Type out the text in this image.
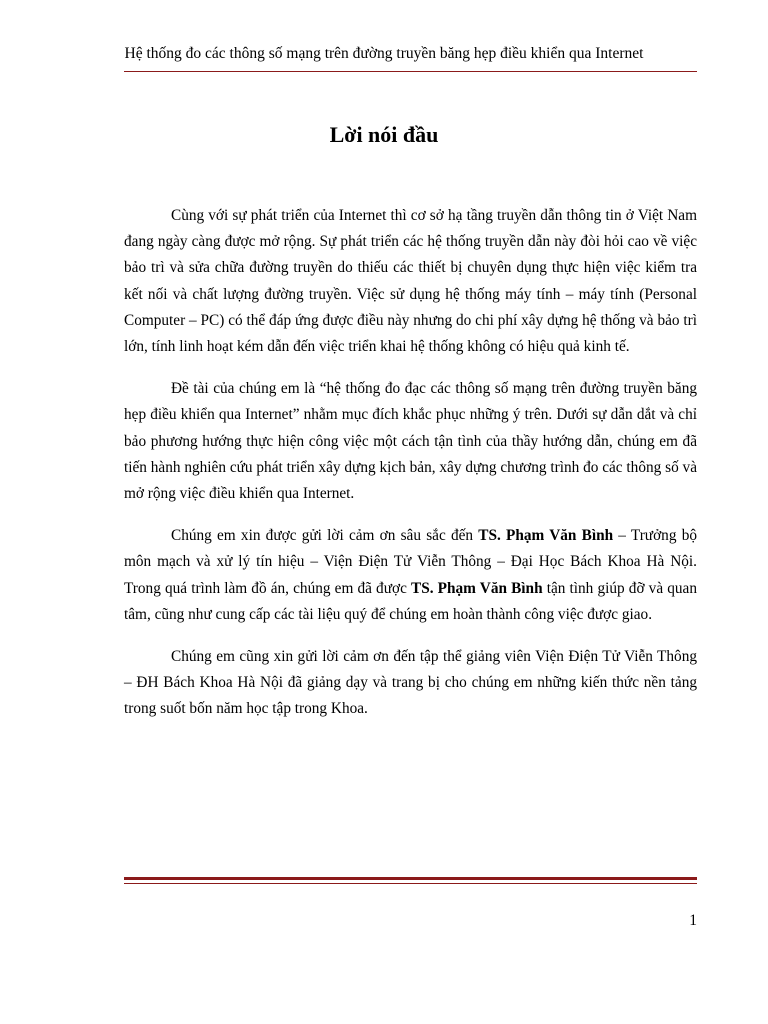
Hệ thống đo các thông số mạng trên đường truyền băng hẹp điều khiển qua Internet
Lời nói đầu

Cùng với sự phát triển của Internet thì cơ sở hạ tầng truyền dẫn thông tin ở Việt Nam đang ngày càng được mở rộng. Sự phát triển các hệ thống truyền dẫn này đòi hỏi cao về việc bảo trì và sửa chữa đường truyền do thiếu các thiết bị chuyên dụng thực hiện việc kiểm tra kết nối và chất lượng đường truyền. Việc sử dụng hệ thống máy tính – máy tính (Personal Computer – PC) có thể đáp ứng được điều này nhưng do chi phí xây dựng hệ thống và bảo trì lớn, tính linh hoạt kém dẫn đến việc triển khai hệ thống không có hiệu quả kinh tế.

Đề tài của chúng em là “hệ thống đo đạc các thông số mạng trên đường truyền băng hẹp điều khiển qua Internet” nhằm mục đích khắc phục những ý trên. Dưới sự dẫn dắt và chỉ bảo phương hướng thực hiện công việc một cách tận tình của thầy hướng dẫn, chúng em đã tiến hành nghiên cứu phát triển xây dựng kịch bản, xây dựng chương trình đo các thông số và mở rộng việc điều khiển qua Internet.

Chúng em xin được gửi lời cảm ơn sâu sắc đến TS. Phạm Văn Bình – Trưởng bộ môn mạch và xử lý tín hiệu – Viện Điện Tử Viễn Thông – Đại Học Bách Khoa Hà Nội. Trong quá trình làm đồ án, chúng em đã được TS. Phạm Văn Bình tận tình giúp đỡ và quan tâm, cũng như cung cấp các tài liệu quý để chúng em hoàn thành công việc được giao.

Chúng em cũng xin gửi lời cảm ơn đến tập thể giảng viên Viện Điện Tử Viễn Thông – ĐH Bách Khoa Hà Nội đã giảng dạy và trang bị cho chúng em những kiến thức nền tảng trong suốt bốn năm học tập trong Khoa.

1
